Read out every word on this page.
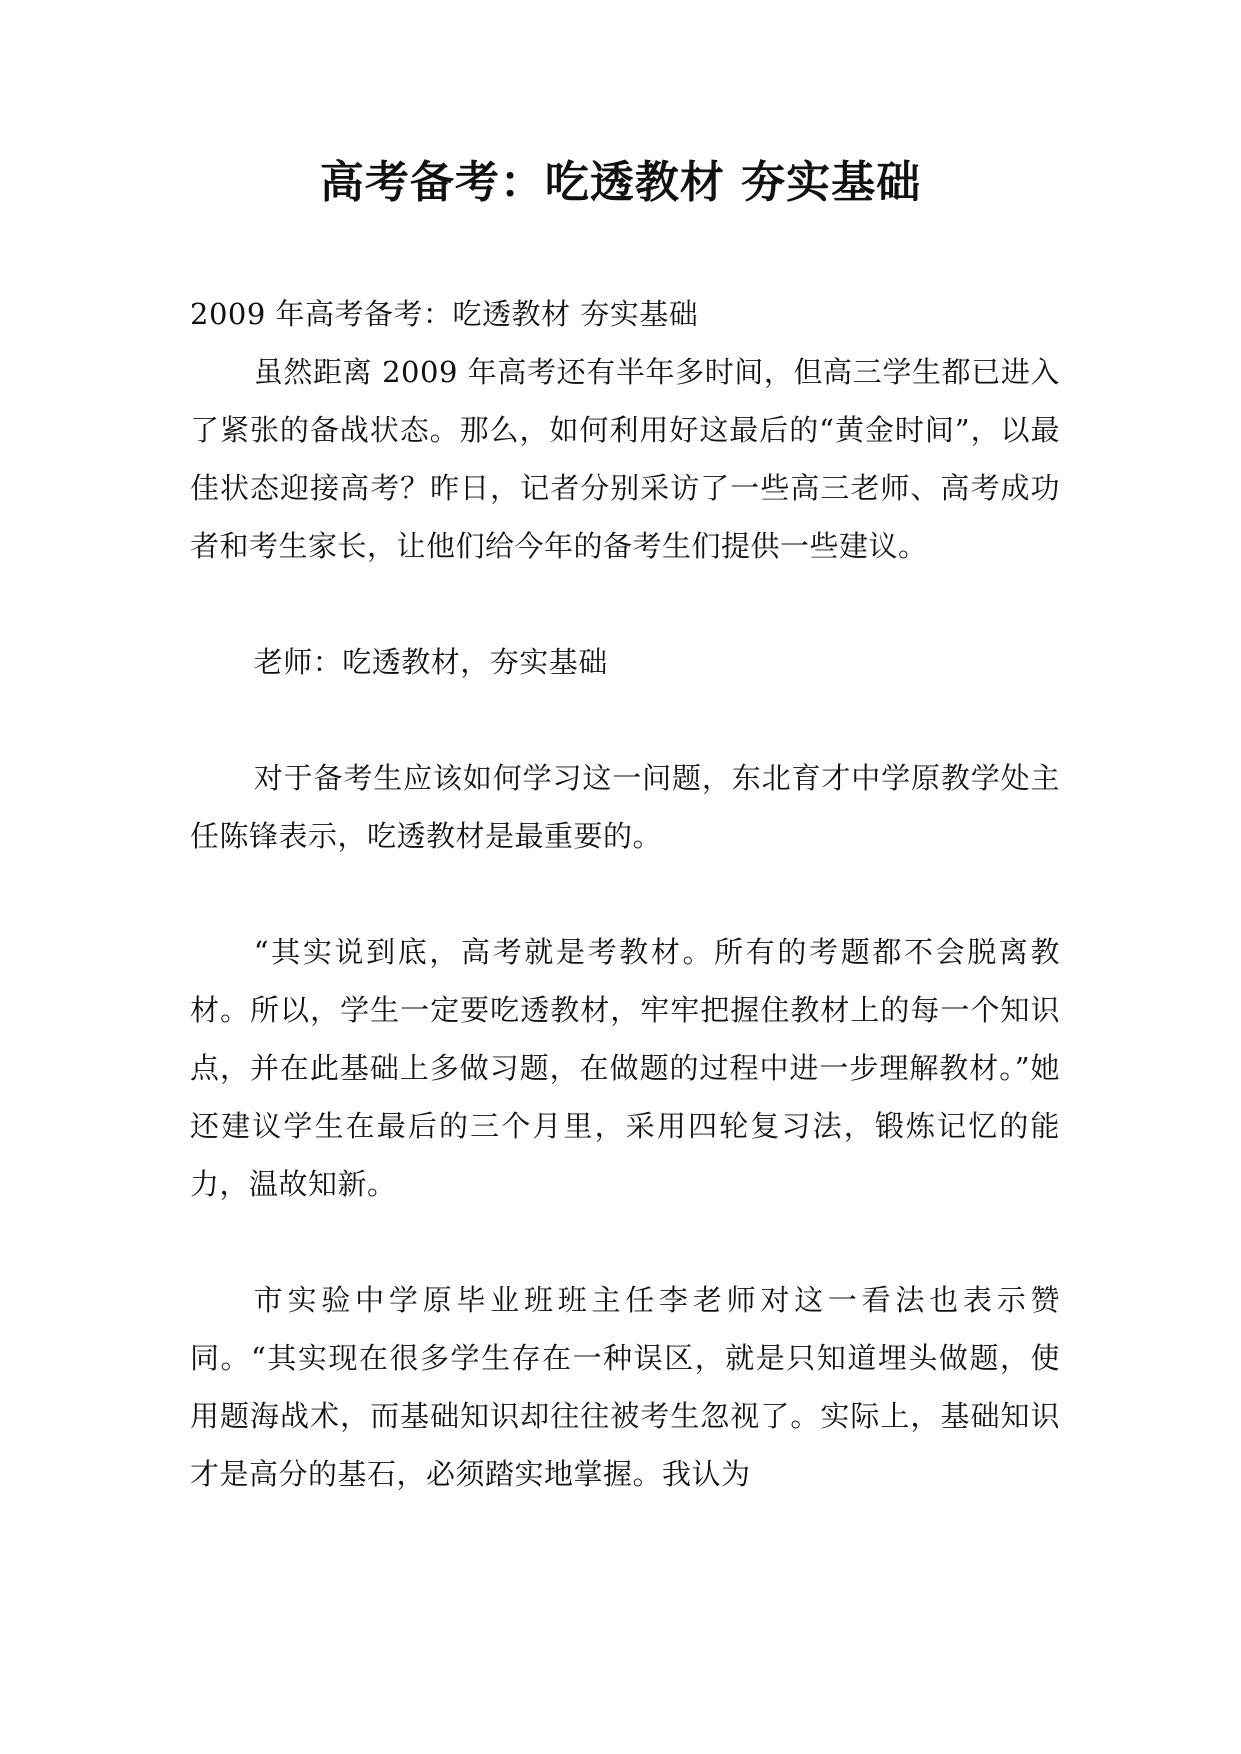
高考备考：吃透教材 夯实基础

2009 年高考备考：吃透教材 夯实基础

虽然距离 2009 年高考还有半年多时间，但高三学生都已进入了紧张的备战状态。那么，如何利用好这最后的“黄金时间”，以最佳状态迎接高考？昨日，记者分别采访了一些高三老师、高考成功者和考生家长，让他们给今年的备考生们提供一些建议。

老师：吃透教材，夯实基础

对于备考生应该如何学习这一问题，东北育才中学原教学处主任陈锋表示，吃透教材是最重要的。

“其实说到底，高考就是考教材。所有的考题都不会脱离教材。所以，学生一定要吃透教材，牢牢把握住教材上的每一个知识点，并在此基础上多做习题，在做题的过程中进一步理解教材。”她还建议学生在最后的三个月里，采用四轮复习法，锻炼记忆的能力，温故知新。

市实验中学原毕业班班主任李老师对这一看法也表示赞同。“其实现在很多学生存在一种误区，就是只知道埋头做题，使用题海战术，而基础知识却往往被考生忽视了。实际上，基础知识才是高分的基石，必须踏实地掌握。我认为
